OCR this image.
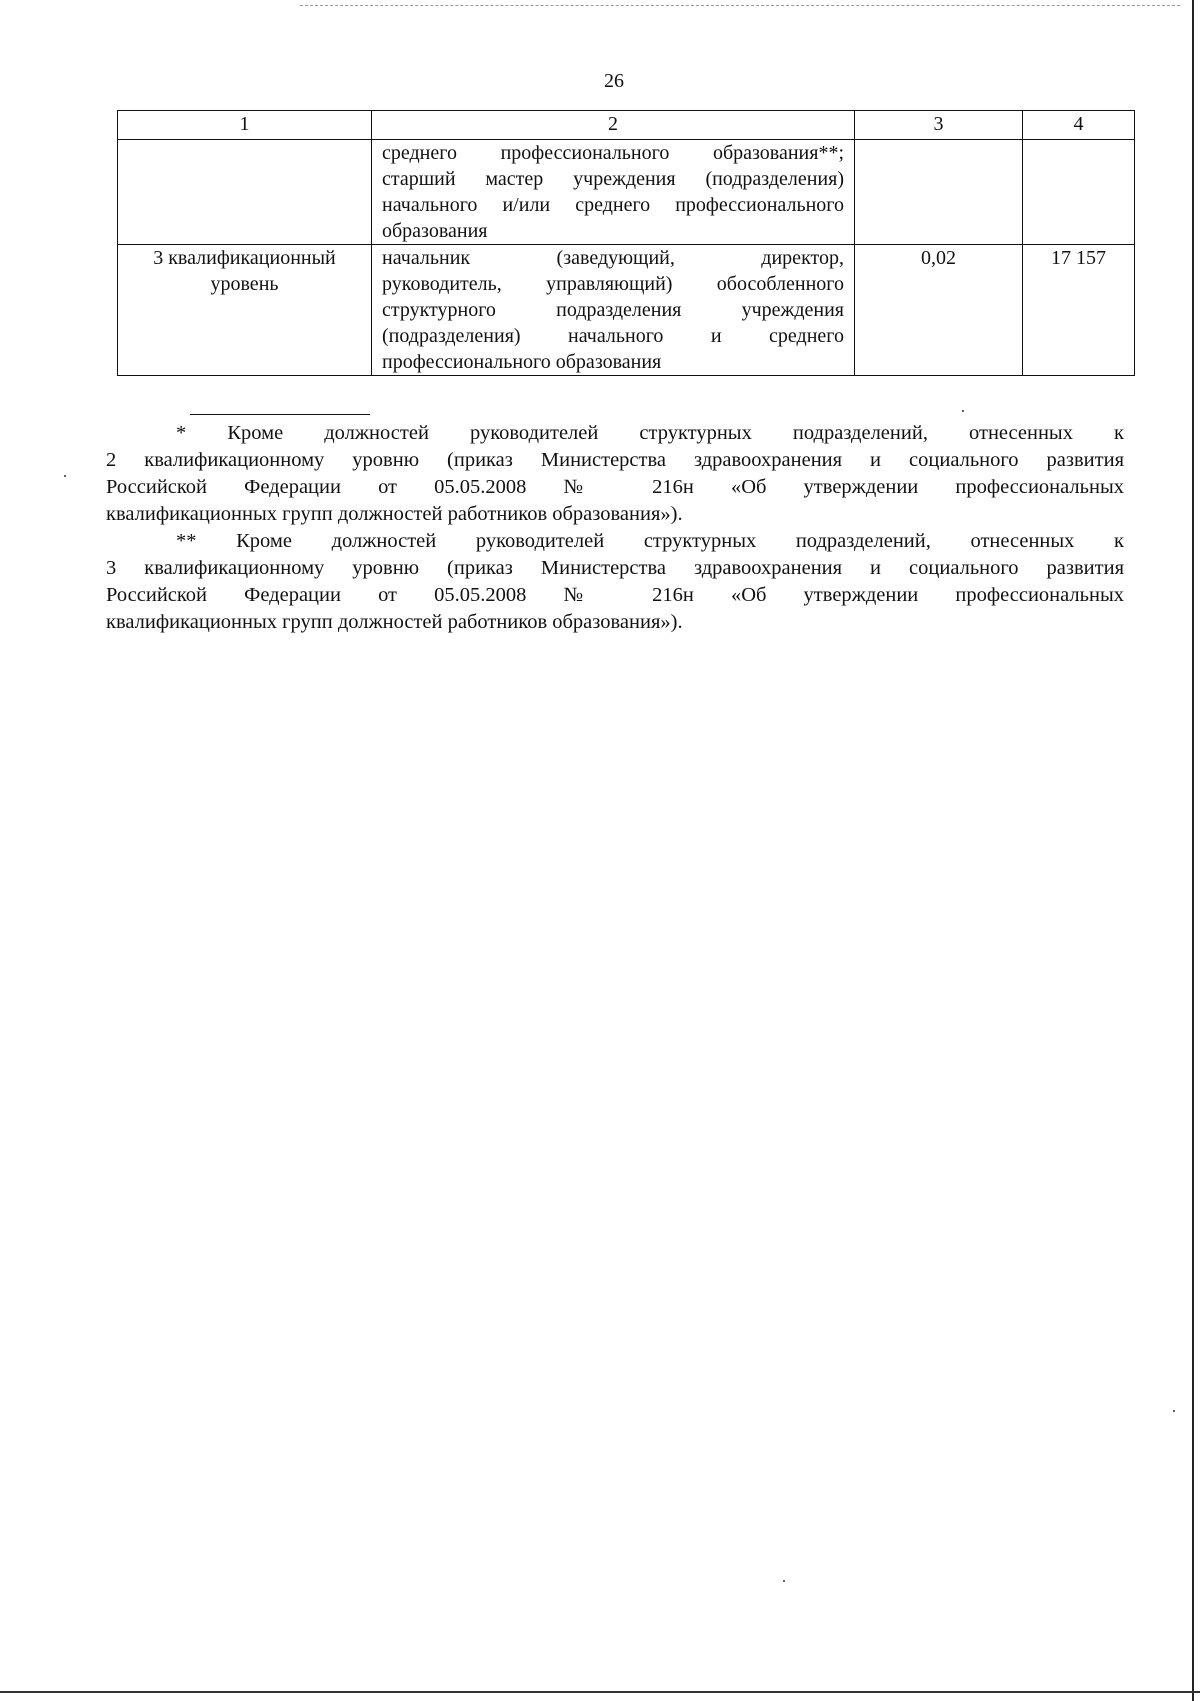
26
1	2	3	4

	среднего профессионального образования**;
старший мастер учреждения (подразделения)
начального и/или среднего профессионального
образования		

3 квалификационный уровень	начальник (заведующий, директор,
руководитель, управляющий) обособленного
структурного подразделения учреждения
(подразделения) начального и среднего
профессионального образования	0,02	17 157
* Кроме должностей руководителей структурных подразделений, отнесенных к
2 квалификационному уровню (приказ Министерства здравоохранения и социального развития
Российской Федерации от 05.05.2008 № 216н «Об утверждении профессиональных
квалификационных групп должностей работников образования»).
** Кроме должностей руководителей структурных подразделений, отнесенных к
3 квалификационному уровню (приказ Министерства здравоохранения и социального развития
Российской Федерации от 05.05.2008 № 216н «Об утверждении профессиональных
квалификационных групп должностей работников образования»).
